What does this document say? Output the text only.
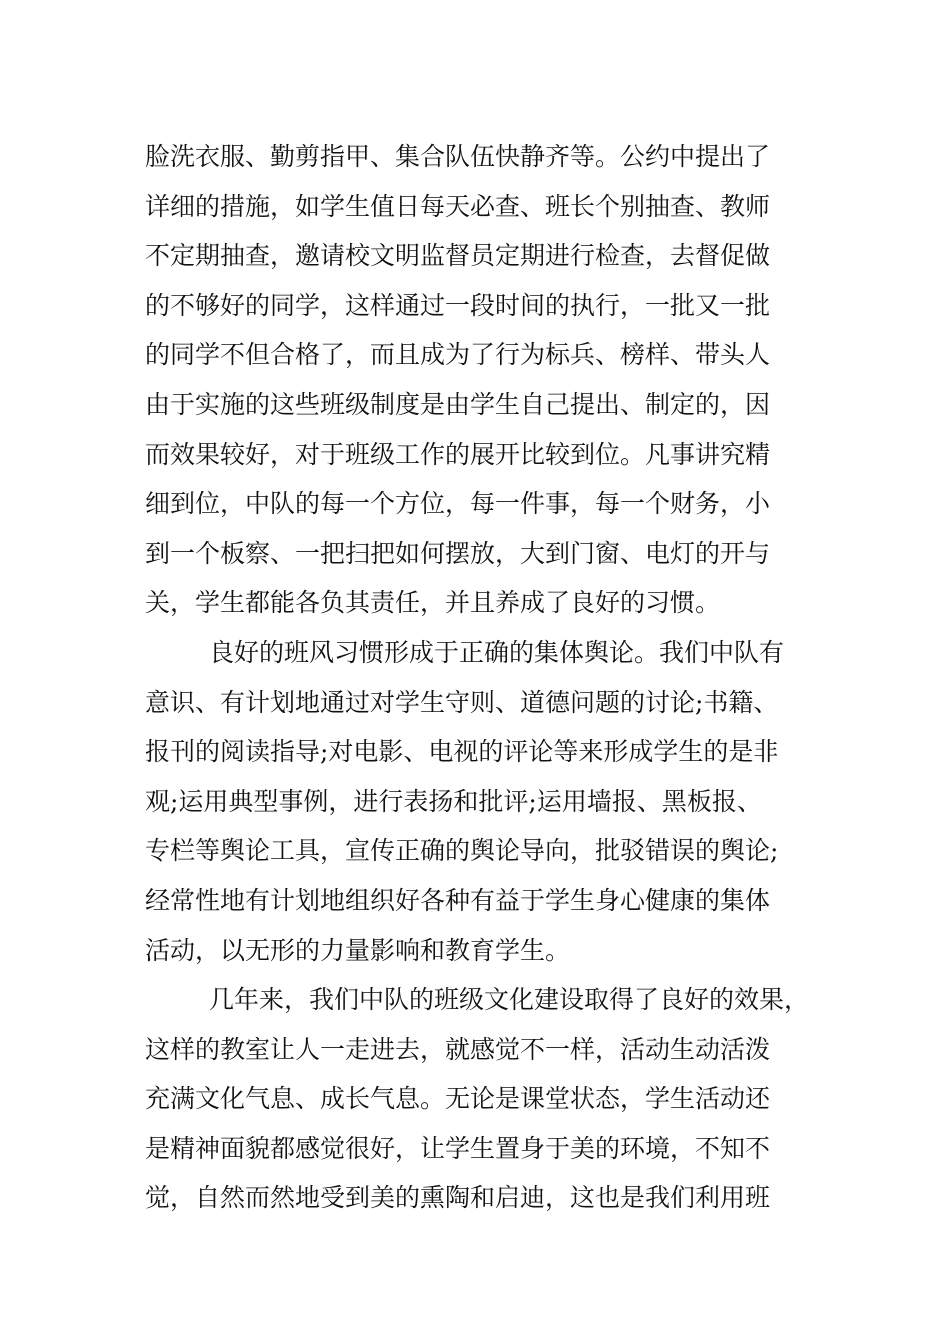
脸洗衣服、勤剪指甲、集合队伍快静齐等。公约中提出了
详细的措施，如学生值日每天必查、班长个别抽查、教师
不定期抽查，邀请校文明监督员定期进行检查，去督促做
的不够好的同学，这样通过一段时间的执行，一批又一批
的同学不但合格了，而且成为了行为标兵、榜样、带头人
由于实施的这些班级制度是由学生自己提出、制定的，因
而效果较好，对于班级工作的展开比较到位。凡事讲究精
细到位，中队的每一个方位，每一件事，每一个财务，小
到一个板察、一把扫把如何摆放，大到门窗、电灯的开与
关，学生都能各负其责任，并且养成了良好的习惯。
良好的班风习惯形成于正确的集体舆论。我们中队有
意识、有计划地通过对学生守则、道德问题的讨论;书籍、
报刊的阅读指导;对电影、电视的评论等来形成学生的是非
观;运用典型事例，进行表扬和批评;运用墙报、黑板报、
专栏等舆论工具，宣传正确的舆论导向，批驳错误的舆论;
经常性地有计划地组织好各种有益于学生身心健康的集体
活动，以无形的力量影响和教育学生。
几年来，我们中队的班级文化建设取得了良好的效果，
这样的教室让人一走进去，就感觉不一样，活动生动活泼
充满文化气息、成长气息。无论是课堂状态，学生活动还
是精神面貌都感觉很好，让学生置身于美的环境，不知不
觉，自然而然地受到美的熏陶和启迪，这也是我们利用班
